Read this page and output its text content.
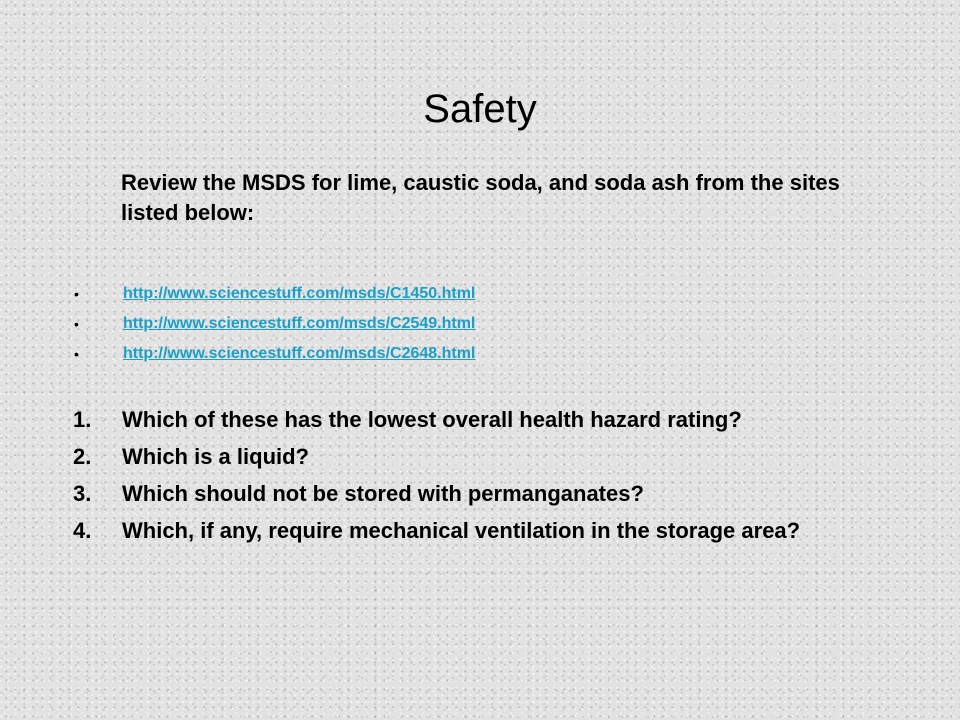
Safety
Review the MSDS for lime, caustic soda, and soda ash from the sites listed below:
•	http://www.sciencestuff.com/msds/C1450.html
•	http://www.sciencestuff.com/msds/C2549.html
•	http://www.sciencestuff.com/msds/C2648.html
1. Which of these has the lowest overall health hazard rating?
2. Which is a liquid?
3. Which should not be stored with permanganates?
4. Which, if any, require mechanical ventilation in the storage area?
